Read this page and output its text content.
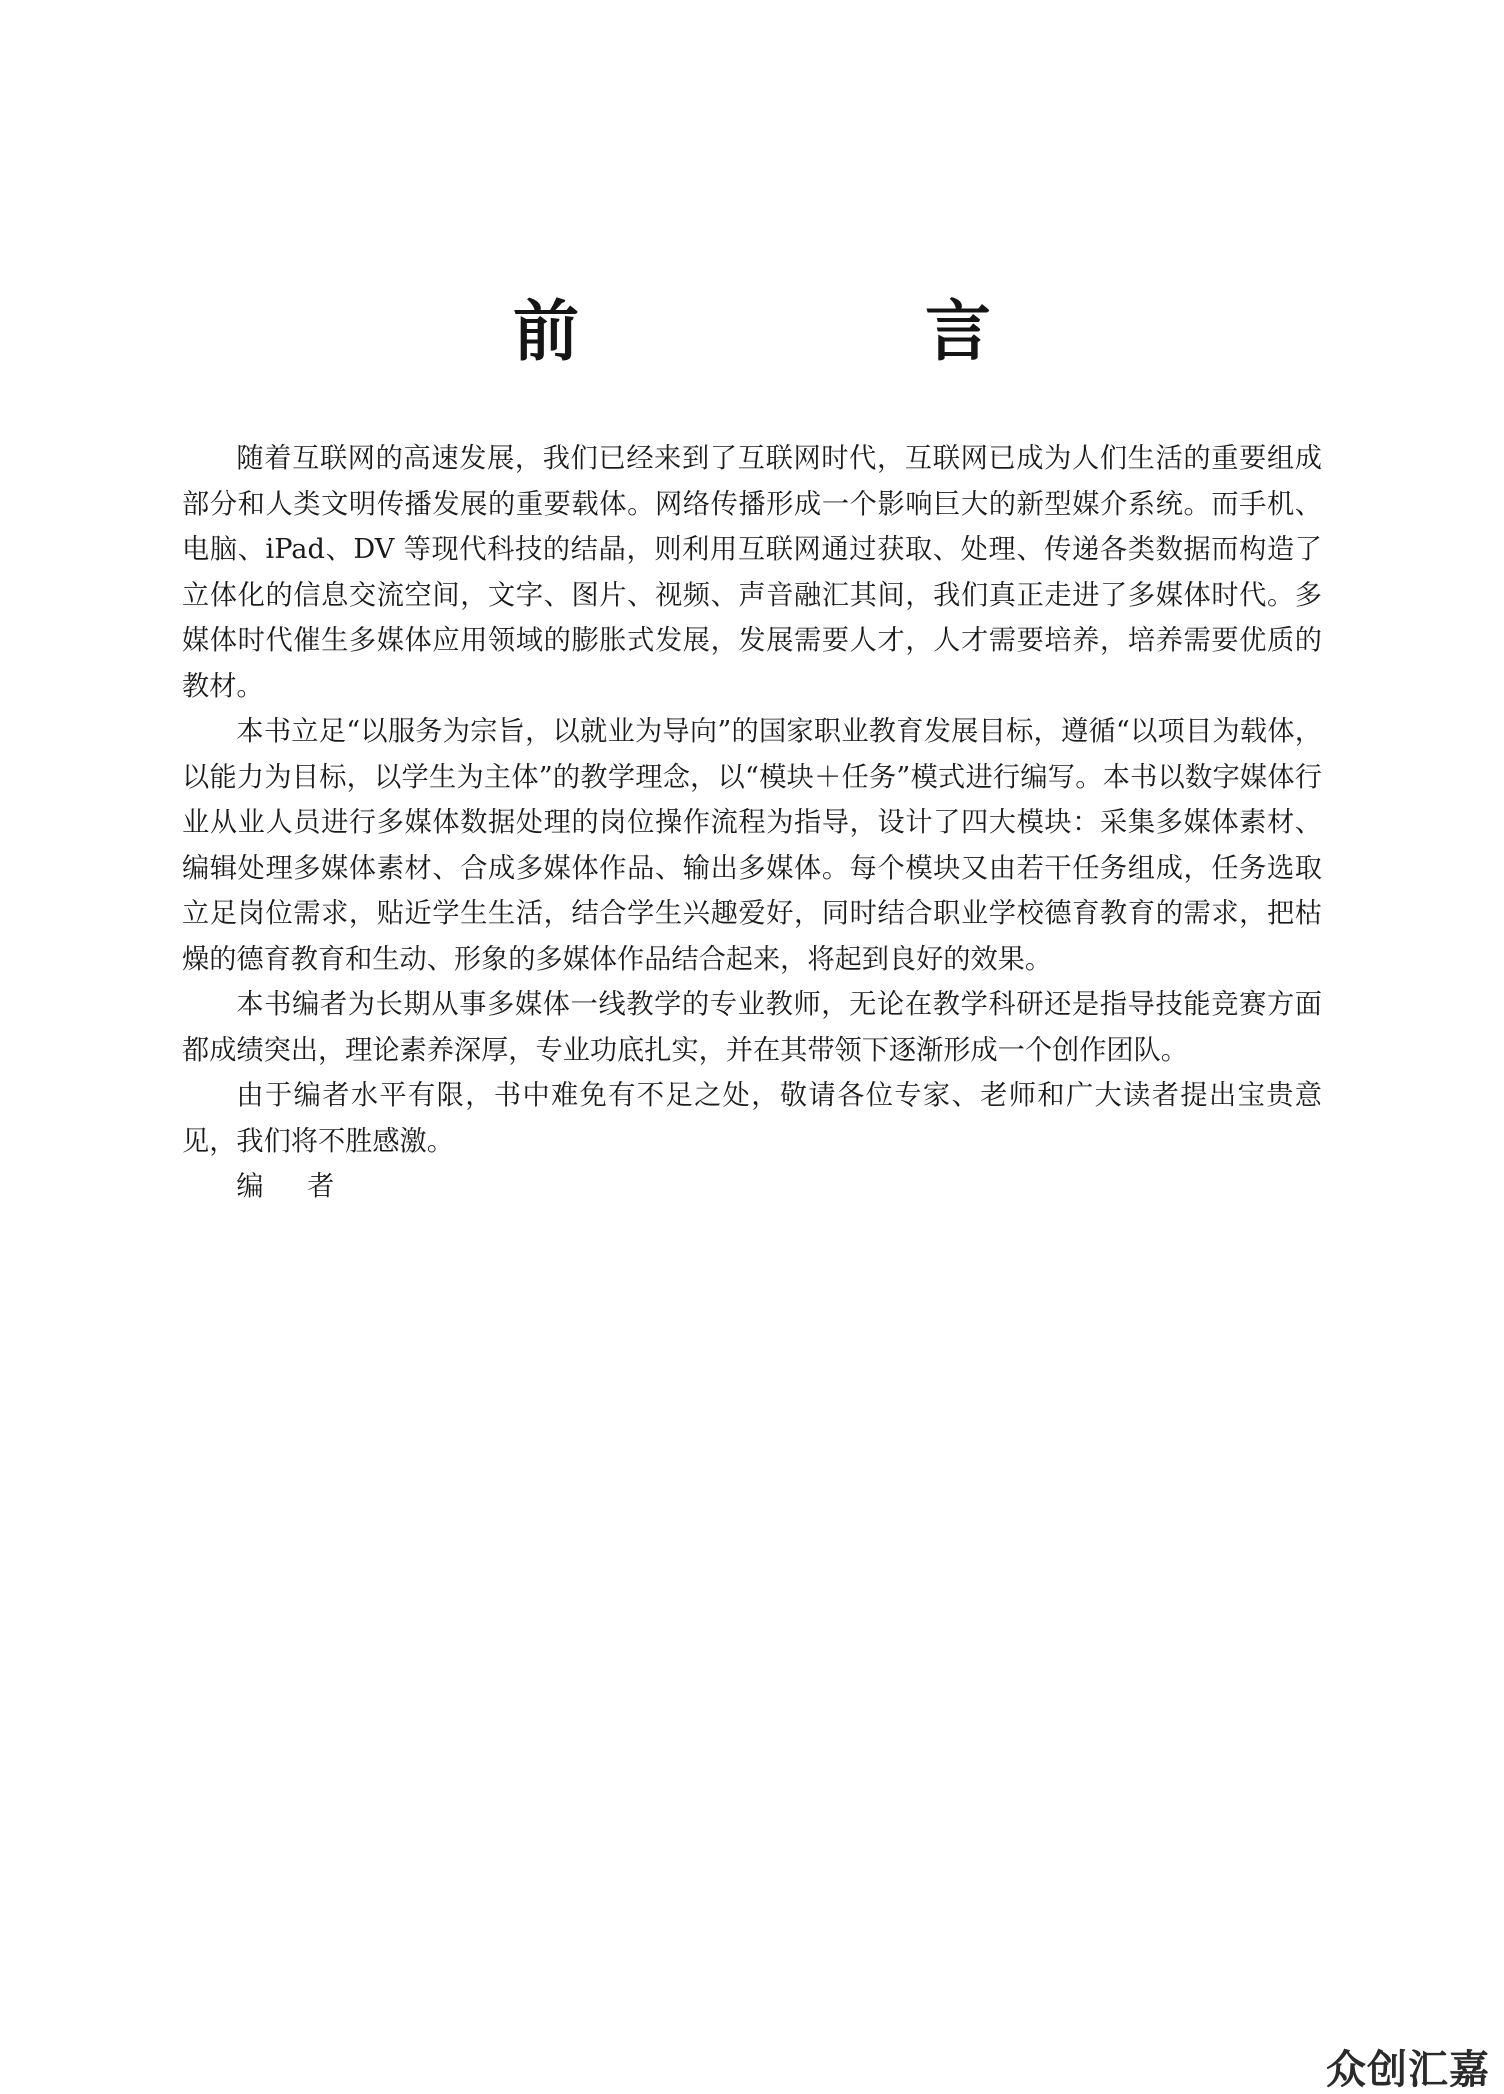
前　言

随着互联网的高速发展，我们已经来到了互联网时代，互联网已成为人们生活的重要组成部分和人类文明传播发展的重要载体。网络传播形成一个影响巨大的新型媒介系统。而手机、电脑、iPad、DV 等现代科技的结晶，则利用互联网通过获取、处理、传递各类数据而构造了立体化的信息交流空间，文字、图片、视频、声音融汇其间，我们真正走进了多媒体时代。多媒体时代催生多媒体应用领域的膨胀式发展，发展需要人才，人才需要培养，培养需要优质的教材。

本书立足“以服务为宗旨，以就业为导向”的国家职业教育发展目标，遵循“以项目为载体，以能力为目标，以学生为主体”的教学理念，以“模块＋任务”模式进行编写。本书以数字媒体行业从业人员进行多媒体数据处理的岗位操作流程为指导，设计了四大模块：采集多媒体素材、编辑处理多媒体素材、合成多媒体作品、输出多媒体。每个模块又由若干任务组成，任务选取立足岗位需求，贴近学生生活，结合学生兴趣爱好，同时结合职业学校德育教育的需求，把枯燥的德育教育和生动、形象的多媒体作品结合起来，将起到良好的效果。

本书编者为长期从事多媒体一线教学的专业教师，无论在教学科研还是指导技能竞赛方面都成绩突出，理论素养深厚，专业功底扎实，并在其带领下逐渐形成一个创作团队。

由于编者水平有限，书中难免有不足之处，敬请各位专家、老师和广大读者提出宝贵意见，我们将不胜感激。

编者

众创汇嘉
